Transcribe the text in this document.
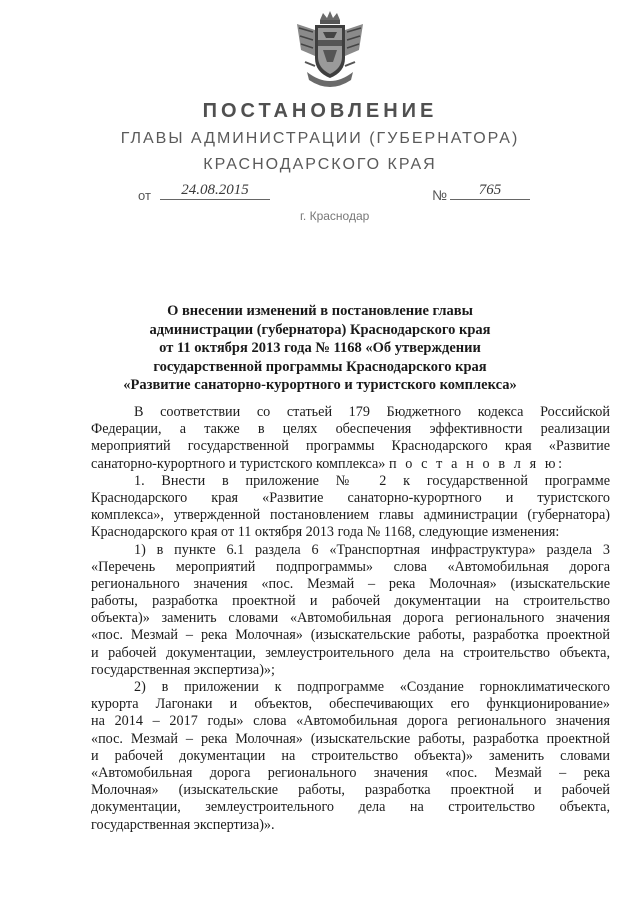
ПОСТАНОВЛЕНИЕ
ГЛАВЫ АДМИНИСТРАЦИИ (ГУБЕРНАТОРА)
КРАСНОДАРСКОГО КРАЯ
от	24.08.2015	№	765
г. Краснодар
О внесении изменений в постановление главы
администрации (губернатора) Краснодарского края
от 11 октября 2013 года № 1168 «Об утверждении
государственной программы Краснодарского края
«Развитие санаторно-курортного и туристского комплекса»
В соответствии со статьей 179 Бюджетного кодекса Российской
Федерации, а также в целях обеспечения эффективности реализации
мероприятий государственной программы Краснодарского края «Развитие
санаторно-курортного и туристского комплекса» п о с т а н о в л я ю:
1. Внести в приложение № 2 к государственной программе
Краснодарского края «Развитие санаторно-курортного и туристского
комплекса», утвержденной постановлением главы администрации (губернатора)
Краснодарского края от 11 октября 2013 года № 1168, следующие изменения:
1) в пункте 6.1 раздела 6 «Транспортная инфраструктура» раздела 3
«Перечень мероприятий подпрограммы» слова «Автомобильная дорога
регионального значения «пос. Мезмай – река Молочная» (изыскательские
работы, разработка проектной и рабочей документации на строительство
объекта)» заменить словами «Автомобильная дорога регионального значения
«пос. Мезмай – река Молочная» (изыскательские работы, разработка проектной
и рабочей документации, землеустроительного дела на строительство объекта,
государственная экспертиза)»;
2) в приложении к подпрограмме «Создание горноклиматического
курорта Лагонаки и объектов, обеспечивающих его функционирование»
на 2014 – 2017 годы» слова «Автомобильная дорога регионального значения
«пос. Мезмай – река Молочная» (изыскательские работы, разработка проектной
и рабочей документации на строительство объекта)» заменить словами
«Автомобильная дорога регионального значения «пос. Мезмай – река
Молочная» (изыскательские работы, разработка проектной и рабочей
документации, землеустроительного дела на строительство объекта,
государственная экспертиза)».
